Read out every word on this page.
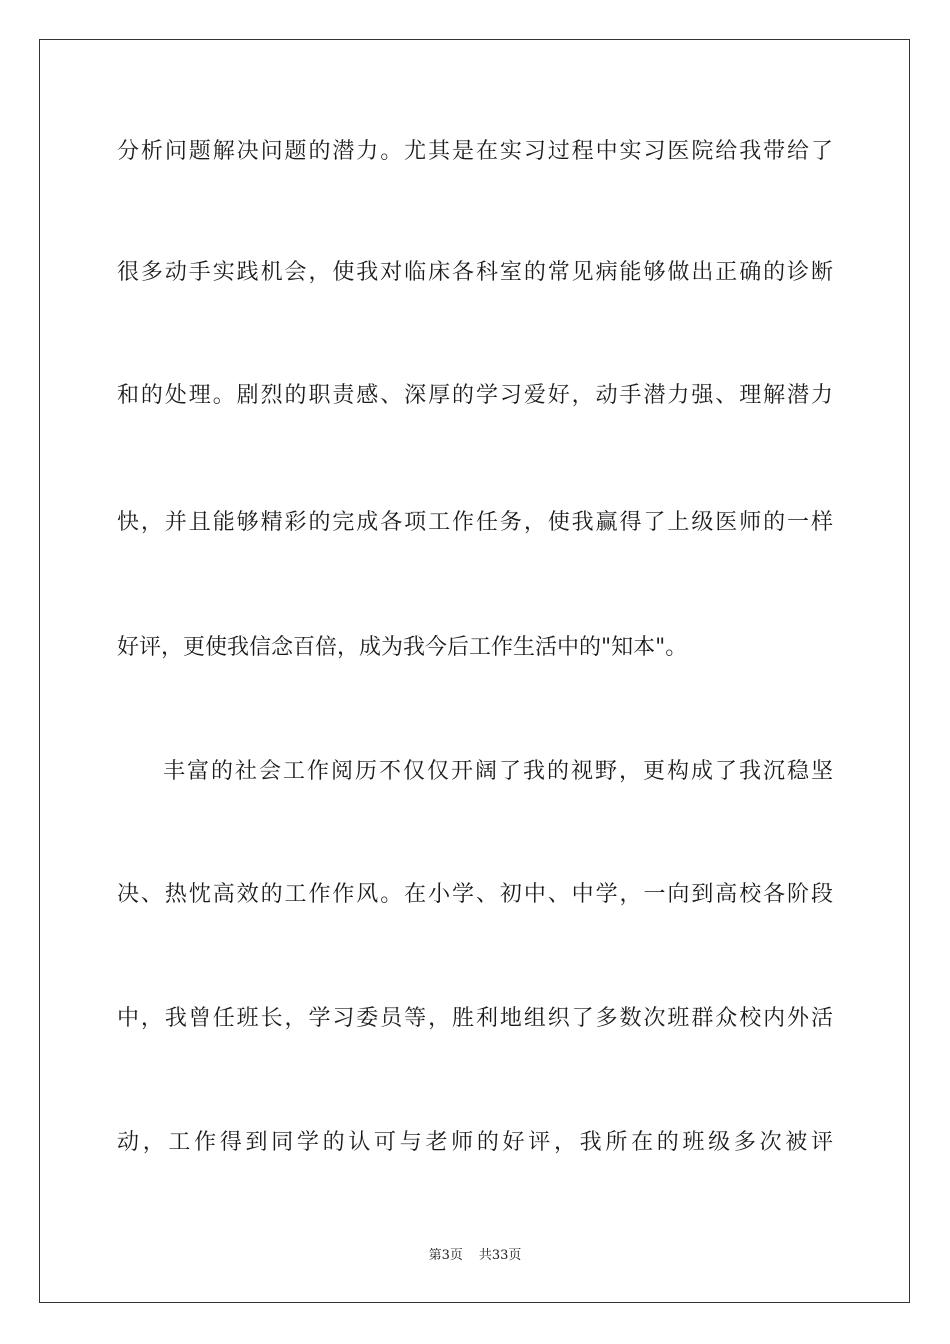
分析问题解决问题的潜力。尤其是在实习过程中实习医院给我带给了
很多动手实践机会，使我对临床各科室的常见病能够做出正确的诊断
和的处理。剧烈的职责感、深厚的学习爱好，动手潜力强、理解潜力
快，并且能够精彩的完成各项工作任务，使我赢得了上级医师的一样
好评，更使我信念百倍，成为我今后工作生活中的"知本"。
丰富的社会工作阅历不仅仅开阔了我的视野，更构成了我沉稳坚
决、热忱高效的工作作风。在小学、初中、中学，一向到高校各阶段
中，我曾任班长，学习委员等，胜利地组织了多数次班群众校内外活
动，工作得到同学的认可与老师的好评，我所在的班级多次被评
第3页 共33页
